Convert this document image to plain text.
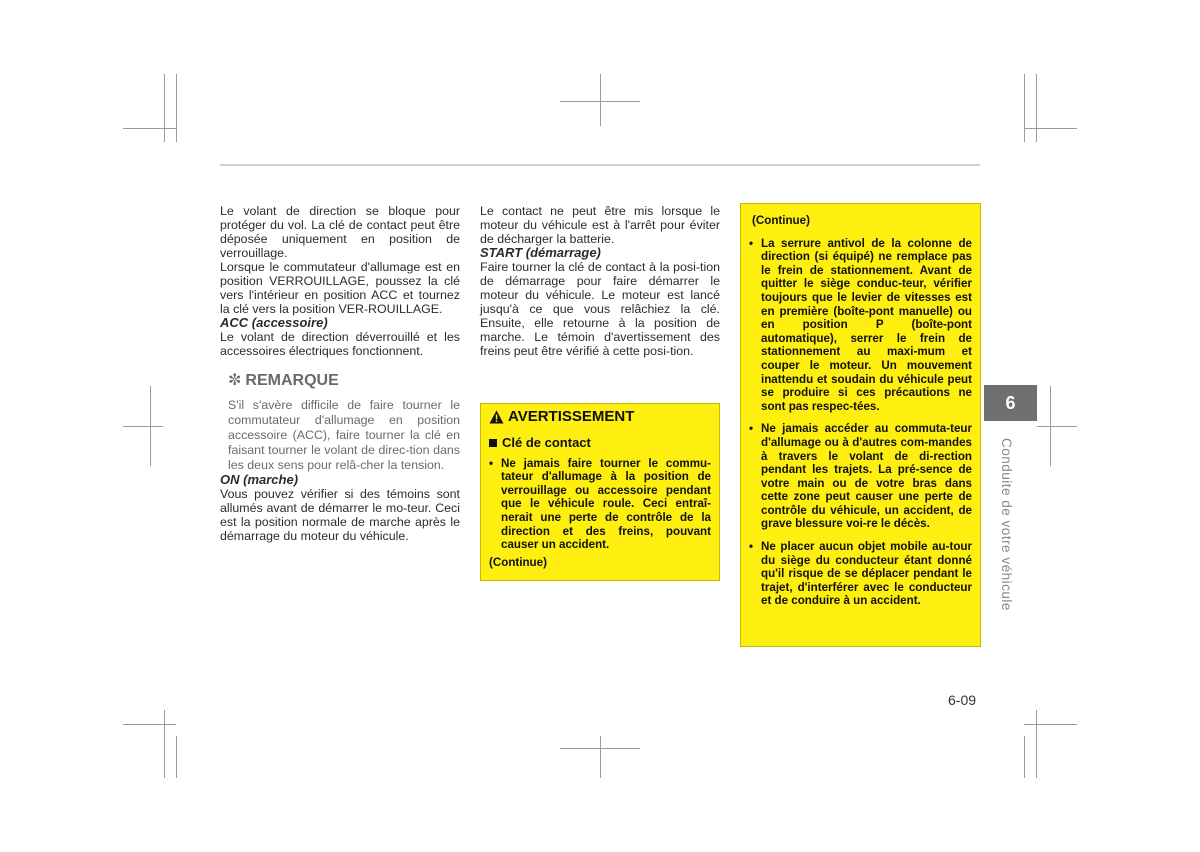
Le volant de direction se bloque pour protéger du vol. La clé de contact peut être déposée uniquement en position de verrouillage.

Lorsque le commutateur d'allumage est en position VERROUILLAGE, poussez la clé vers l'intérieur en position ACC et tournez la clé vers la position VER-ROUILLAGE.

ACC (accessoire)

Le volant de direction déverrouillé et les accessoires électriques fonctionnent.

✼ REMARQUE
S'il s'avère difficile de faire tourner le commutateur d'allumage en position accessoire (ACC), faire tourner la clé en faisant tourner le volant de direc-tion dans les deux sens pour relâ-cher la tension.

ON (marche)

Vous pouvez vérifier si des témoins sont allumés avant de démarrer le mo-teur. Ceci est la position normale de marche après le démarrage du moteur du véhicule.

Le contact ne peut être mis lorsque le moteur du véhicule est à l'arrêt pour éviter de décharger la batterie.

START (démarrage)

Faire tourner la clé de contact à la posi-tion de démarrage pour faire démarrer le moteur du véhicule. Le moteur est lancé jusqu'à ce que vous relâchiez la clé. Ensuite, elle retourne à la position de marche. Le témoin d'avertissement des freins peut être vérifié à cette posi-tion.

AVERTISSEMENT
Clé de contact
• Ne jamais faire tourner le commu-tateur d'allumage à la position de verrouillage ou accessoire pendant que le véhicule roule. Ceci entraî-nerait une perte de contrôle de la direction et des freins, pouvant causer un accident.
(Continue)
(Continue)
• La serrure antivol de la colonne de direction (si équipé) ne remplace pas le frein de stationnement. Avant de quitter le siège conduc-teur, vérifier toujours que le levier de vitesses est en première (boîte-pont manuelle) ou en position P (boîte-pont automatique), serrer le frein de stationnement au maxi-mum et couper le moteur. Un mouvement inattendu et soudain du véhicule peut se produire si ces précautions ne sont pas respec-tées.
• Ne jamais accéder au commuta-teur d'allumage ou à d'autres com-mandes à travers le volant de di-rection pendant les trajets. La pré-sence de votre main ou de votre bras dans cette zone peut causer une perte de contrôle du véhicule, un accident, de grave blessure voi-re le décès.
• Ne placer aucun objet mobile au-tour du siège du conducteur étant donné qu'il risque de se déplacer pendant le trajet, d'interférer avec le conducteur et de conduire à un accident.
6
Conduite de votre véhicule
6-09
